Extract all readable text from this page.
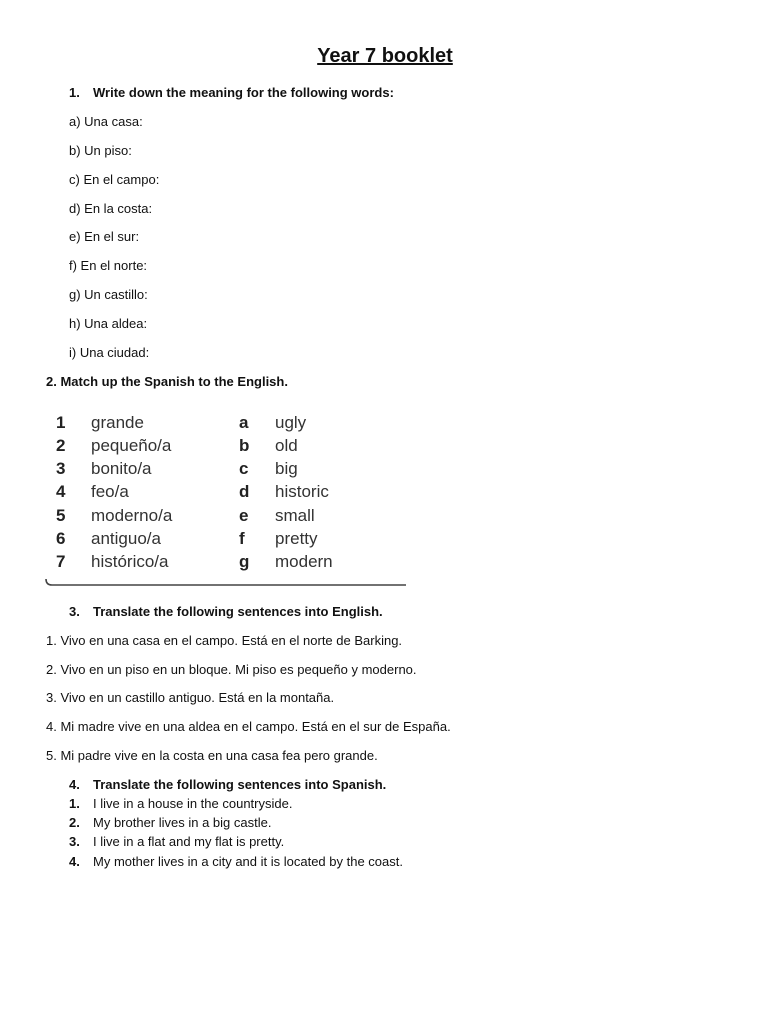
Year 7 booklet

1. Write down the meaning for the following words:

a) Una casa:

b) Un piso:

c) En el campo:

d) En la costa:

e) En el sur:

f) En el norte:

g) Un castillo:

h) Una aldea:

i) Una ciudad:

2. Match up the Spanish to the English.

1 grande	a ugly
2 pequeño/a	b old
3 bonito/a	c big
4 feo/a	d historic
5 moderno/a	e small
6 antiguo/a	f pretty
7 histórico/a	g modern

3. Translate the following sentences into English.

1. Vivo en una casa en el campo. Está en el norte de Barking.

2. Vivo en un piso en un bloque. Mi piso es pequeño y moderno.

3. Vivo en un castillo antiguo. Está en la montaña.

4. Mi madre vive en una aldea en el campo. Está en el sur de España.

5. Mi padre vive en la costa en una casa fea pero grande.

4. Translate the following sentences into Spanish.

1. I live in a house in the countryside.

2. My brother lives in a big castle.

3. I live in a flat and my flat is pretty.

4. My mother lives in a city and it is located by the coast.
